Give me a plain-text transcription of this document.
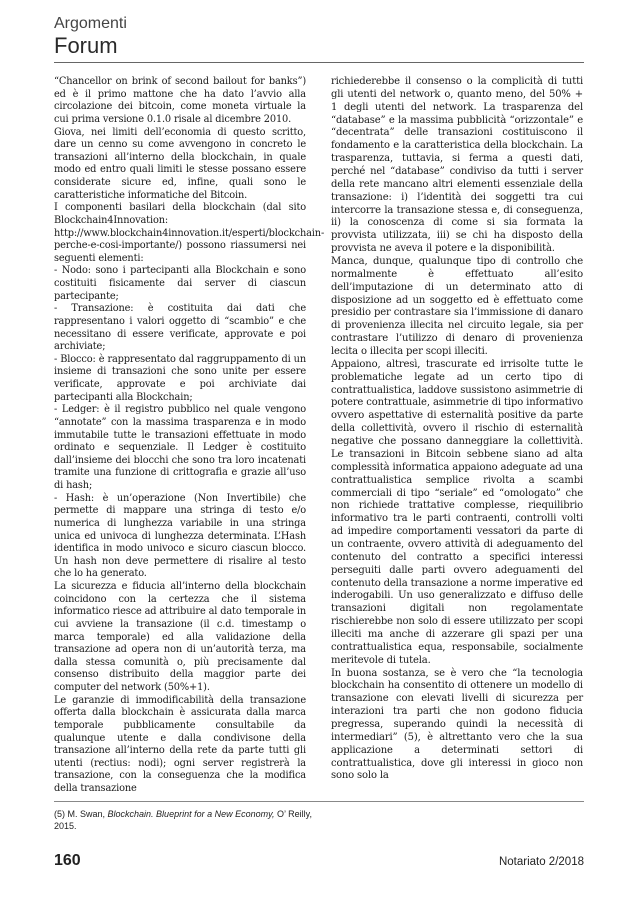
Argomenti
Forum

“Chancellor on brink of second bailout for banks”) ed è il primo mattone che ha dato l’avvio alla circolazione dei bitcoin, come moneta virtuale la cui prima versione 0.1.0 risale al dicembre 2010.

Giova, nei limiti dell’economia di questo scritto, dare un cenno su come avvengono in concreto le transazioni all’interno della blockchain, in quale modo ed entro quali limiti le stesse possano essere considerate sicure ed, infine, quali sono le caratteristiche informatiche del Bitcoin.

I componenti basilari della blockchain (dal sito Blockchain4Innovation: http://www.blockchain4innovation.it/esperti/blockchain-perche-e-cosi-importante/) possono riassumersi nei seguenti elementi:

- Nodo: sono i partecipanti alla Blockchain e sono costituiti fisicamente dai server di ciascun partecipante;

- Transazione: è costituita dai dati che rappresentano i valori oggetto di “scambio” e che necessitano di essere verificate, approvate e poi archiviate;

- Blocco: è rappresentato dal raggruppamento di un insieme di transazioni che sono unite per essere verificate, approvate e poi archiviate dai partecipanti alla Blockchain;

- Ledger: è il registro pubblico nel quale vengono “annotate” con la massima trasparenza e in modo immutabile tutte le transazioni effettuate in modo ordinato e sequenziale. Il Ledger è costituito dall’insieme dei blocchi che sono tra loro incatenati tramite una funzione di crittografia e grazie all’uso di hash;

- Hash: è un’operazione (Non Invertibile) che permette di mappare una stringa di testo e/o numerica di lunghezza variabile in una stringa unica ed univoca di lunghezza determinata. L’Hash identifica in modo univoco e sicuro ciascun blocco. Un hash non deve permettere di risalire al testo che lo ha generato.

La sicurezza e fiducia all’interno della blockchain coincidono con la certezza che il sistema informatico riesce ad attribuire al dato temporale in cui avviene la transazione (il c.d. timestamp o marca temporale) ed alla validazione della transazione ad opera non di un’autorità terza, ma dalla stessa comunità o, più precisamente dal consenso distribuito della maggior parte dei computer del network (50%+1).

Le garanzie di immodificabilità della transazione offerta dalla blockchain è assicurata dalla marca temporale pubblicamente consultabile da qualunque utente e dalla condivisone della transazione all’interno della rete da parte tutti gli utenti (rectius: nodi); ogni server registrerà la transazione, con la conseguenza che la modifica della transazione

richiederebbe il consenso o la complicità di tutti gli utenti del network o, quanto meno, del 50% + 1 degli utenti del network. La trasparenza del “database” e la massima pubblicità “orizzontale” e “decentrata” delle transazioni costituiscono il fondamento e la caratteristica della blockchain. La trasparenza, tuttavia, si ferma a questi dati, perché nel “database” condiviso da tutti i server della rete mancano altri elementi essenziale della transazione: i) l’identità dei soggetti tra cui intercorre la transazione stessa e, di conseguenza, ii) la conoscenza di come si sia formata la provvista utilizzata, iii) se chi ha disposto della provvista ne aveva il potere e la disponibilità.

Manca, dunque, qualunque tipo di controllo che normalmente è effettuato all’esito dell’imputazione di un determinato atto di disposizione ad un soggetto ed è effettuato come presidio per contrastare sia l’immissione di danaro di provenienza illecita nel circuito legale, sia per contrastare l’utilizzo di denaro di provenienza lecita o illecita per scopi illeciti.

Appaiono, altresì, trascurate ed irrisolte tutte le problematiche legate ad un certo tipo di contrattualistica, laddove sussistono asimmetrie di potere contrattuale, asimmetrie di tipo informativo ovvero aspettative di esternalità positive da parte della collettività, ovvero il rischio di esternalità negative che possano danneggiare la collettività. Le transazioni in Bitcoin sebbene siano ad alta complessità informatica appaiono adeguate ad una contrattualistica semplice rivolta a scambi commerciali di tipo “seriale” ed “omologato” che non richiede trattative complesse, riequilibrio informativo tra le parti contraenti, controlli volti ad impedire comportamenti vessatori da parte di un contraente, ovvero attività di adeguamento del contenuto del contratto a specifici interessi perseguiti dalle parti ovvero adeguamenti del contenuto della transazione a norme imperative ed inderogabili. Un uso generalizzato e diffuso delle transazioni digitali non regolamentate rischierebbe non solo di essere utilizzato per scopi illeciti ma anche di azzerare gli spazi per una contrattualistica equa, responsabile, socialmente meritevole di tutela.

In buona sostanza, se è vero che “la tecnologia blockchain ha consentito di ottenere un modello di transazione con elevati livelli di sicurezza per interazioni tra parti che non godono fiducia pregressa, superando quindi la necessità di intermediari” (5), è altrettanto vero che la sua applicazione a determinati settori di contrattualistica, dove gli interessi in gioco non sono solo la

(5) M. Swan, Blockchain. Blueprint for a New Economy, O’ Reilly, 2015.
160	Notariato 2/2018
